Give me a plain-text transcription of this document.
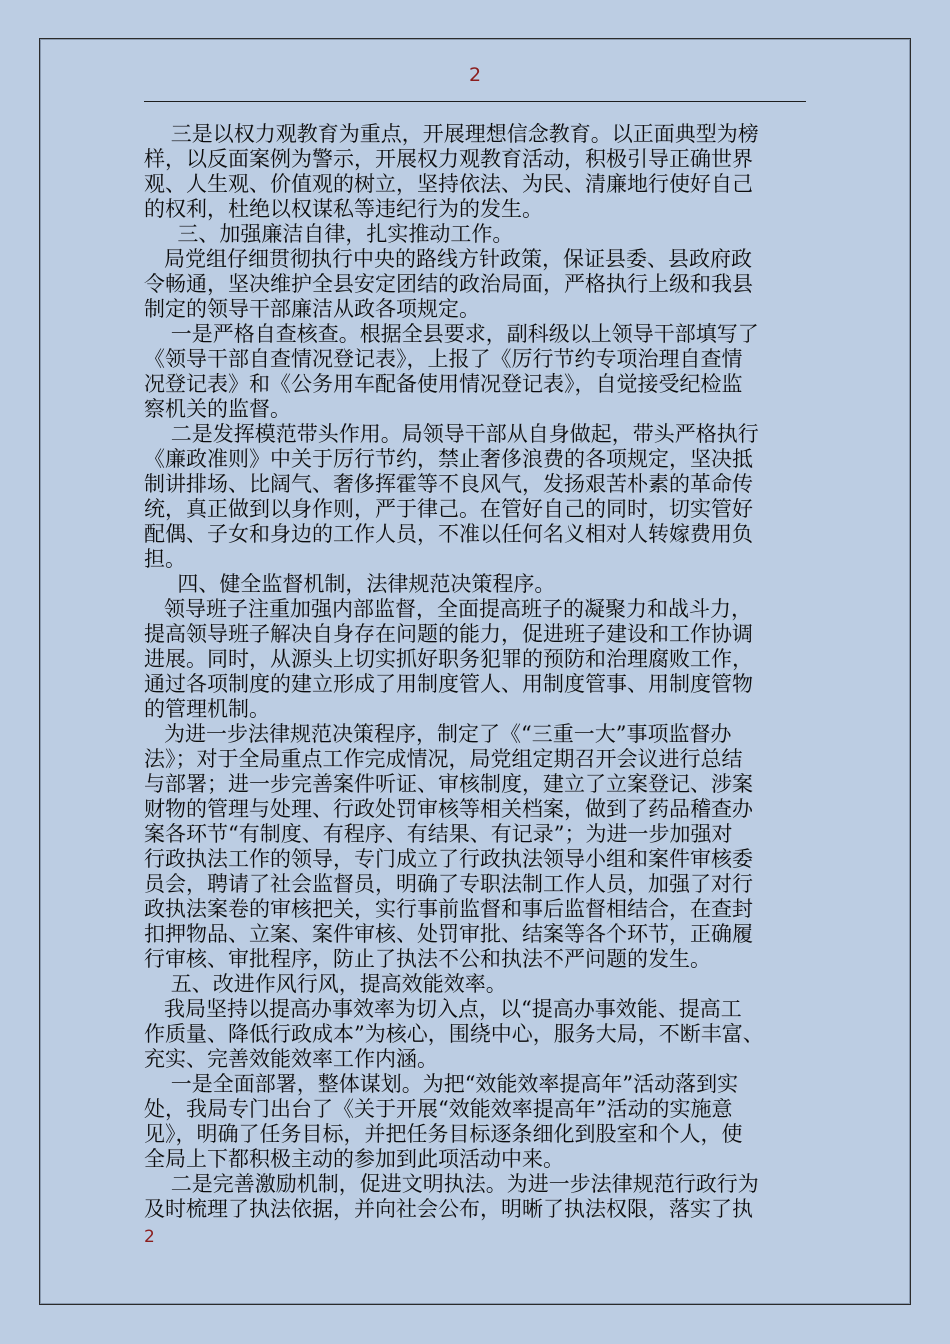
2
三是以权力观教育为重点，开展理想信念教育。以正面典型为榜
样，以反面案例为警示，开展权力观教育活动，积极引导正确世界
观、人生观、价值观的树立，坚持依法、为民、清廉地行使好自己
的权利，杜绝以权谋私等违纪行为的发生。
三、加强廉洁自律，扎实推动工作。
局党组仔细贯彻执行中央的路线方针政策，保证县委、县政府政
令畅通，坚决维护全县安定团结的政治局面，严格执行上级和我县
制定的领导干部廉洁从政各项规定。
一是严格自查核查。根据全县要求，副科级以上领导干部填写了
《领导干部自查情况登记表》，上报了《厉行节约专项治理自查情
况登记表》和《公务用车配备使用情况登记表》，自觉接受纪检监
察机关的监督。
二是发挥模范带头作用。局领导干部从自身做起，带头严格执行
《廉政准则》中关于厉行节约，禁止奢侈浪费的各项规定，坚决抵
制讲排场、比阔气、奢侈挥霍等不良风气，发扬艰苦朴素的革命传
统，真正做到以身作则，严于律己。在管好自己的同时，切实管好
配偶、子女和身边的工作人员，不准以任何名义相对人转嫁费用负
担。
四、健全监督机制，法律规范决策程序。
领导班子注重加强内部监督，全面提高班子的凝聚力和战斗力，
提高领导班子解决自身存在问题的能力，促进班子建设和工作协调
进展。同时，从源头上切实抓好职务犯罪的预防和治理腐败工作，
通过各项制度的建立形成了用制度管人、用制度管事、用制度管物
的管理机制。
为进一步法律规范决策程序，制定了《“三重一大”事项监督办
法》；对于全局重点工作完成情况，局党组定期召开会议进行总结
与部署；进一步完善案件听证、审核制度，建立了立案登记、涉案
财物的管理与处理、行政处罚审核等相关档案，做到了药品稽查办
案各环节“有制度、有程序、有结果、有记录”；为进一步加强对
行政执法工作的领导，专门成立了行政执法领导小组和案件审核委
员会，聘请了社会监督员，明确了专职法制工作人员，加强了对行
政执法案卷的审核把关，实行事前监督和事后监督相结合，在查封
扣押物品、立案、案件审核、处罚审批、结案等各个环节，正确履
行审核、审批程序，防止了执法不公和执法不严问题的发生。
五、改进作风行风，提高效能效率。
我局坚持以提高办事效率为切入点，以“提高办事效能、提高工
作质量、降低行政成本”为核心，围绕中心，服务大局，不断丰富、
充实、完善效能效率工作内涵。
一是全面部署，整体谋划。为把“效能效率提高年”活动落到实
处，我局专门出台了《关于开展“效能效率提高年”活动的实施意
见》，明确了任务目标，并把任务目标逐条细化到股室和个人，使
全局上下都积极主动的参加到此项活动中来。
二是完善激励机制，促进文明执法。为进一步法律规范行政行为
及时梳理了执法依据，并向社会公布，明晰了执法权限，落实了执
2
